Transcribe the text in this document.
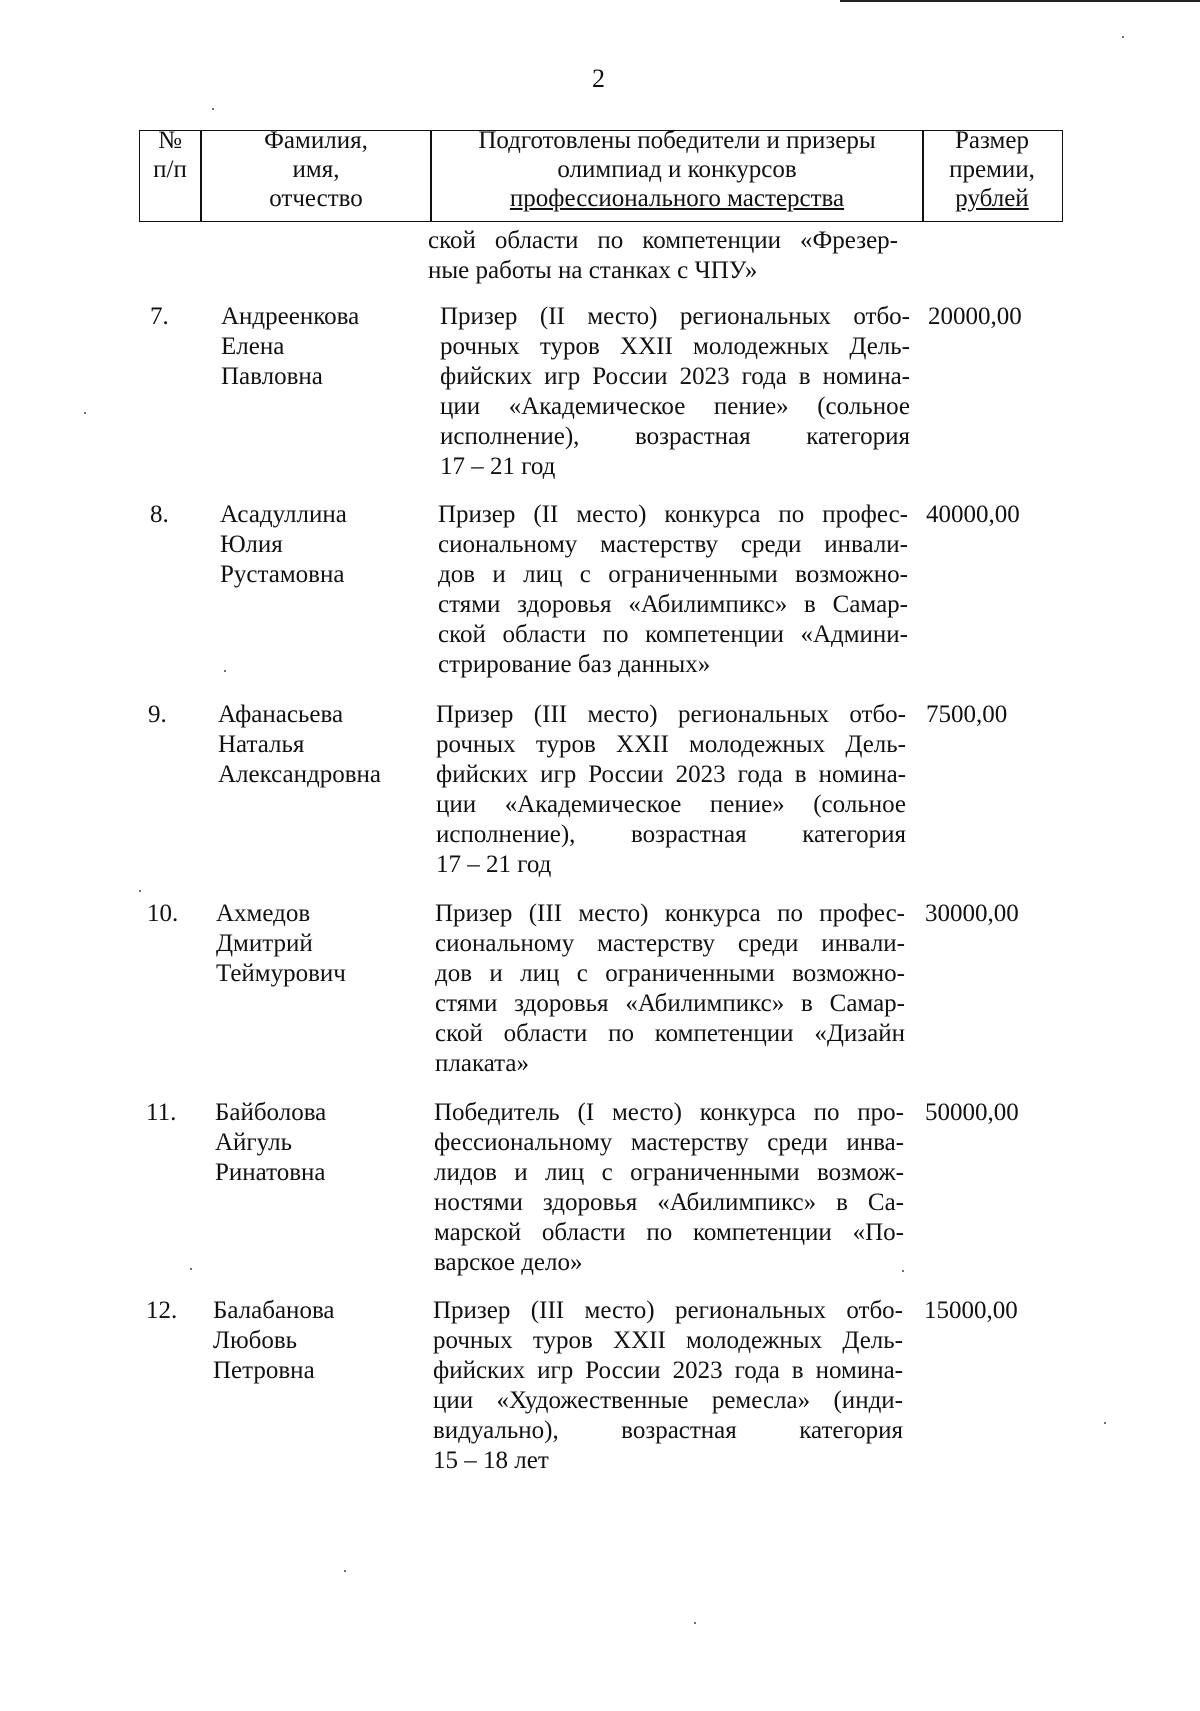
2
№
п/п
Фамилия,
имя,
отчество
Подготовлены победители и призеры
олимпиад и конкурсов
профессионального мастерства
Размер
премии,
рублей
ской области по компетенции «Фрезер-
ные работы на станках с ЧПУ»
7. Андреенкова
Елена
Павловна
Призер (II место) региональных отбо-
рочных туров XXII молодежных Дель-
фийских игр России 2023 года в номина-
ции «Академическое пение» (сольное
исполнение), возрастная категория
17 – 21 год
20000,00
8. Асадуллина
Юлия
Рустамовна
Призер (II место) конкурса по профес-
сиональному мастерству среди инвали-
дов и лиц с ограниченными возможно-
стями здоровья «Абилимпикс» в Самар-
ской области по компетенции «Админи-
стрирование баз данных»
40000,00
9. Афанасьева
Наталья
Александровна
Призер (III место) региональных отбо-
рочных туров XXII молодежных Дель-
фийских игр России 2023 года в номина-
ции «Академическое пение» (сольное
исполнение), возрастная категория
17 – 21 год
7500,00
10. Ахмедов
Дмитрий
Теймурович
Призер (III место) конкурса по профес-
сиональному мастерству среди инвали-
дов и лиц с ограниченными возможно-
стями здоровья «Абилимпикс» в Самар-
ской области по компетенции «Дизайн
плаката»
30000,00
11. Байболова
Айгуль
Ринатовна
Победитель (I место) конкурса по про-
фессиональному мастерству среди инва-
лидов и лиц с ограниченными возмож-
ностями здоровья «Абилимпикс» в Са-
марской области по компетенции «По-
варское дело»
50000,00
12. Балабанова
Любовь
Петровна
Призер (III место) региональных отбо-
рочных туров XXII молодежных Дель-
фийских игр России 2023 года в номина-
ции «Художественные ремесла» (инди-
видуально), возрастная категория
15 – 18 лет
15000,00
